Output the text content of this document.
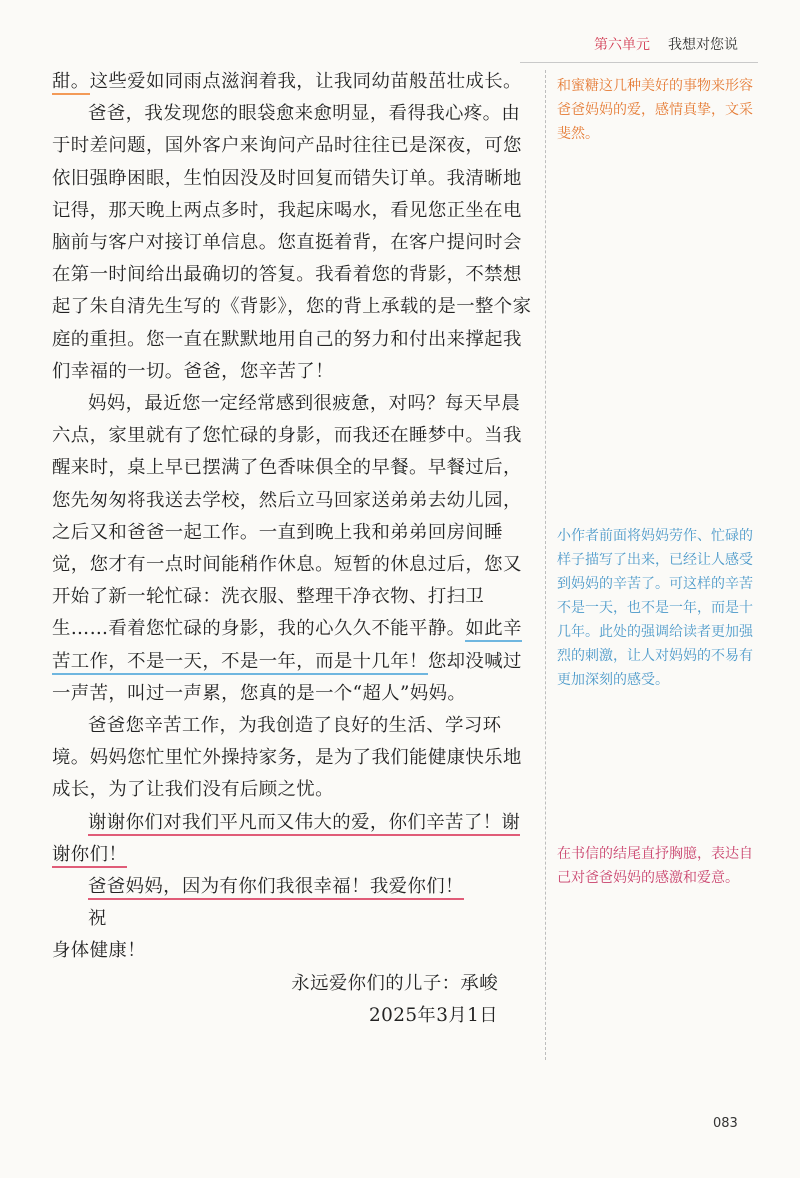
第六单元 我想对您说

甜。这些爱如同雨点滋润着我，让我同幼苗般茁壮成长。

爸爸，我发现您的眼袋愈来愈明显，看得我心疼。由于时差问题，国外客户来询问产品时往往已是深夜，可您依旧强睁困眼，生怕因没及时回复而错失订单。我清晰地记得，那天晚上两点多时，我起床喝水，看见您正坐在电脑前与客户对接订单信息。您直挺着背，在客户提问时会在第一时间给出最确切的答复。我看着您的背影，不禁想起了朱自清先生写的《背影》，您的背上承载的是一整个家庭的重担。您一直在默默地用自己的努力和付出来撑起我们幸福的一切。爸爸，您辛苦了！

妈妈，最近您一定经常感到很疲惫，对吗？每天早晨六点，家里就有了您忙碌的身影，而我还在睡梦中。当我醒来时，桌上早已摆满了色香味俱全的早餐。早餐过后，您先匆匆将我送去学校，然后立马回家送弟弟去幼儿园，之后又和爸爸一起工作。一直到晚上我和弟弟回房间睡觉，您才有一点时间能稍作休息。短暂的休息过后，您又开始了新一轮忙碌：洗衣服、整理干净衣物、打扫卫生……看着您忙碌的身影，我的心久久不能平静。如此辛苦工作，不是一天，不是一年，而是十几年！您却没喊过一声苦，叫过一声累，您真的是一个“超人”妈妈。

爸爸您辛苦工作，为我创造了良好的生活、学习环境。妈妈您忙里忙外操持家务，是为了我们能健康快乐地成长，为了让我们没有后顾之忧。

谢谢你们对我们平凡而又伟大的爱，你们辛苦了！谢谢你们！

爸爸妈妈，因为有你们我很幸福！我爱你们！

祝

身体健康！

永远爱你们的儿子：承峻

2025年3月1日

和蜜糖这几种美好的事物来形容爸爸妈妈的爱，感情真挚，文采斐然。
小作者前面将妈妈劳作、忙碌的样子描写了出来，已经让人感受到妈妈的辛苦了。可这样的辛苦不是一天，也不是一年，而是十几年。此处的强调给读者更加强烈的刺激，让人对妈妈的不易有更加深刻的感受。
在书信的结尾直抒胸臆，表达自己对爸爸妈妈的感激和爱意。
083
